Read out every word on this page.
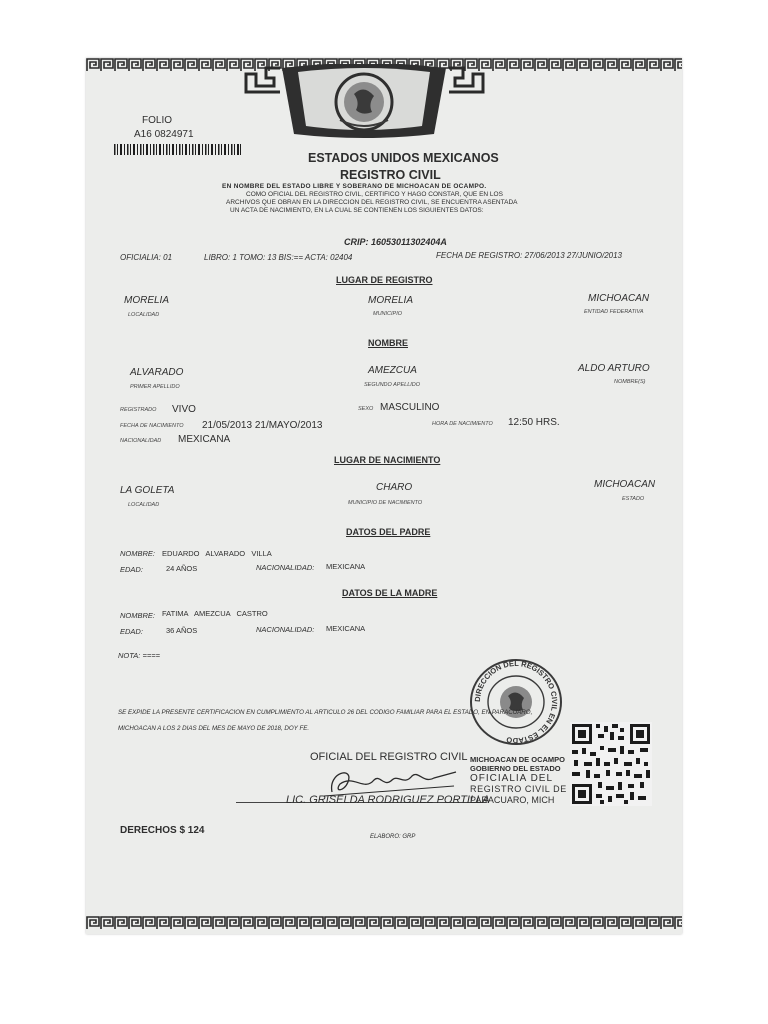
FOLIO
A16 0824971
ESTADOS UNIDOS MEXICANOS
REGISTRO CIVIL
EN NOMBRE DEL ESTADO LIBRE Y SOBERANO DE MICHOACAN DE OCAMPO.
COMO OFICIAL DEL REGISTRO CIVIL, CERTIFICO Y HAGO CONSTAR, QUE EN LOS
ARCHIVOS QUE OBRAN EN LA DIRECCION DEL REGISTRO CIVIL, SE ENCUENTRA ASENTADA
UN ACTA DE NACIMIENTO, EN LA CUAL SE CONTIENEN LOS SIGUIENTES DATOS:
CRIP: 16053011302404A
OFICIALIA: 01	LIBRO: 1 TOMO: 13 BIS:== ACTA: 02404	FECHA DE REGISTRO: 27/06/2013 27/JUNIO/2013
LUGAR DE REGISTRO
MORELIA
LOCALIDAD
MORELIA
MUNICIPIO
MICHOACAN
ENTIDAD FEDERATIVA
NOMBRE
ALVARADO
PRIMER APELLIDO
AMEZCUA
SEGUNDO APELLIDO
ALDO ARTURO
NOMBRE(S)
REGISTRADO VIVO	SEXO MASCULINO
FECHA DE NACIMIENTO 21/05/2013 21/MAYO/2013	HORA DE NACIMIENTO 12:50 HRS.
NACIONALIDAD MEXICANA
LUGAR DE NACIMIENTO
LA GOLETA
LOCALIDAD
CHARO
MUNICIPIO DE NACIMIENTO
MICHOACAN
ESTADO
DATOS DEL PADRE
NOMBRE: EDUARDO   ALVARADO   VILLA
EDAD:	24 AÑOS	NACIONALIDAD: MEXICANA
DATOS DE LA MADRE
NOMBRE: FATIMA   AMEZCUA   CASTRO
EDAD:	36 AÑOS	NACIONALIDAD: MEXICANA
NOTA: ====
DIRECCION DEL REGISTRO CIVIL EN EL ESTADO
SE EXPIDE LA PRESENTE CERTIFICACION EN CUMPLIMIENTO AL ARTICULO 26 DEL CODIGO FAMILIAR PARA EL ESTADO, EN PARACUARO,
MICHOACAN A LOS 2 DIAS DEL MES DE MAYO DE 2018, DOY FE.
OFICIAL DEL REGISTRO CIVIL
LIC. GRISELDA RODRIGUEZ PORTILLA
MICHOACAN DE OCAMPO
GOBIERNO DEL ESTADO
OFICIALIA DEL
REGISTRO CIVIL DE
PARACUARO, MICH
DERECHOS $ 124
ELABORO: GRP
